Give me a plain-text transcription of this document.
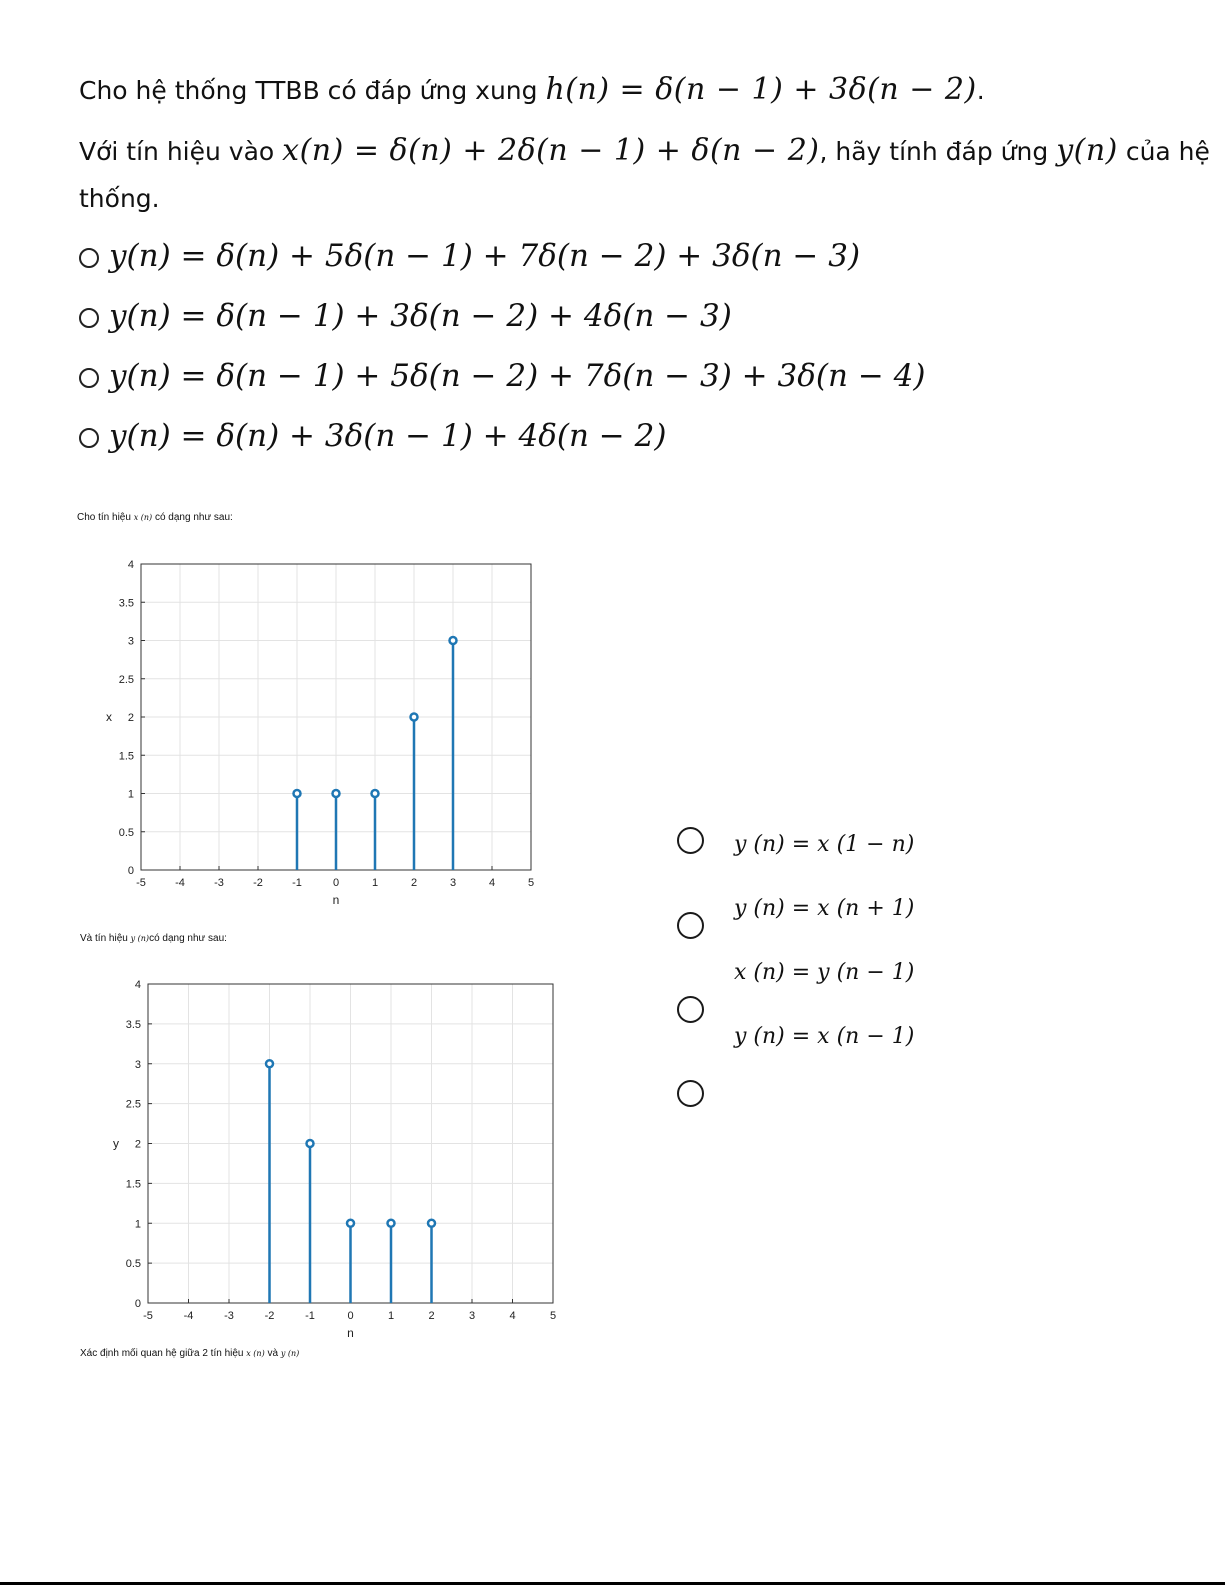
Cho hệ thống TTBB có đáp ứng xung h(n) = δ(n − 1) + 3δ(n − 2).
Với tín hiệu vào x(n) = δ(n) + 2δ(n − 1) + δ(n − 2), hãy tính đáp ứng y(n) của hệ
thống.
y(n) = δ(n) + 5δ(n − 1) + 7δ(n − 2) + 3δ(n − 3)
y(n) = δ(n − 1) + 3δ(n − 2) + 4δ(n − 3)
y(n) = δ(n − 1) + 5δ(n − 2) + 7δ(n − 3) + 3δ(n − 4)
y(n) = δ(n) + 3δ(n − 1) + 4δ(n − 2)
Cho tín hiệu x (n) có dạng như sau:
-5	-4	-3	-2	-1	0	1	2	3	4	5
0
0.5
1
1.5
2
2.5
3
3.5
4
n
x
Và tín hiệu y (n)có dạng như sau:
-5	-4	-3	-2	-1	0	1	2	3	4	5
0
0.5
1
1.5
2
2.5
3
3.5
4
n
y
Xác định mối quan hệ giữa 2 tín hiệu x (n) và y (n)
y (n) = x (1 − n)
y (n) = x (n + 1)
x (n) = y (n − 1)
y (n) = x (n − 1)
